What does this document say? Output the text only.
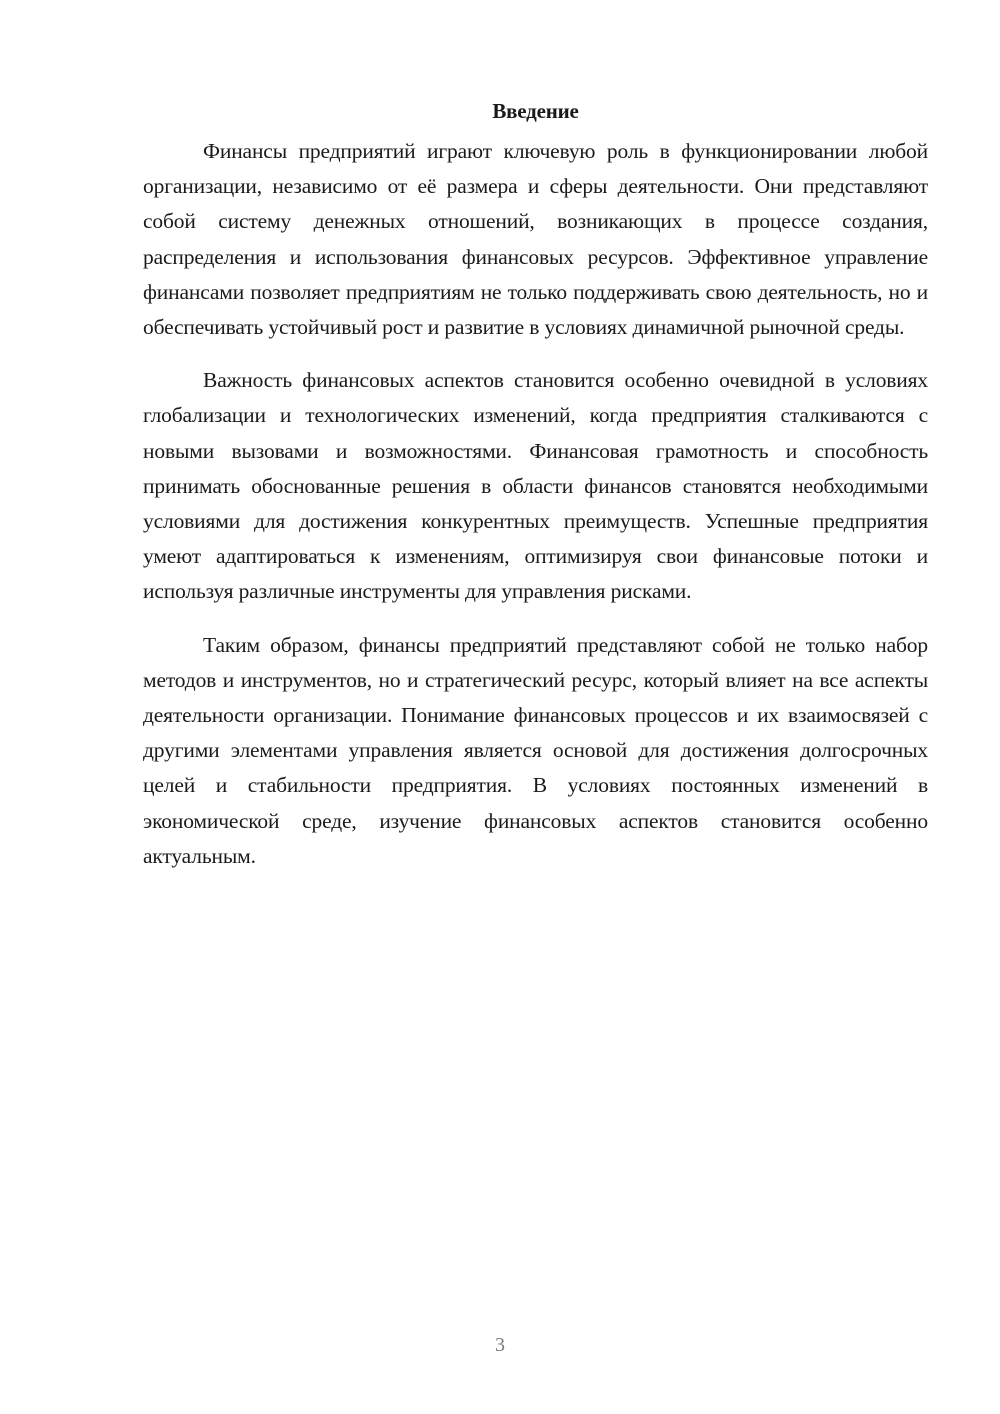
Введение

Финансы предприятий играют ключевую роль в функционировании любой организации, независимо от её размера и сферы деятельности. Они представляют собой систему денежных отношений, возникающих в процессе создания, распределения и использования финансовых ресурсов. Эффективное управление финансами позволяет предприятиям не только поддерживать свою деятельность, но и обеспечивать устойчивый рост и развитие в условиях динамичной рыночной среды.

Важность финансовых аспектов становится особенно очевидной в условиях глобализации и технологических изменений, когда предприятия сталкиваются с новыми вызовами и возможностями. Финансовая грамотность и способность принимать обоснованные решения в области финансов становятся необходимыми условиями для достижения конкурентных преимуществ. Успешные предприятия умеют адаптироваться к изменениям, оптимизируя свои финансовые потоки и используя различные инструменты для управления рисками.

Таким образом, финансы предприятий представляют собой не только набор методов и инструментов, но и стратегический ресурс, который влияет на все аспекты деятельности организации. Понимание финансовых процессов и их взаимосвязей с другими элементами управления является основой для достижения долгосрочных целей и стабильности предприятия. В условиях постоянных изменений в экономической среде, изучение финансовых аспектов становится особенно актуальным.

3
